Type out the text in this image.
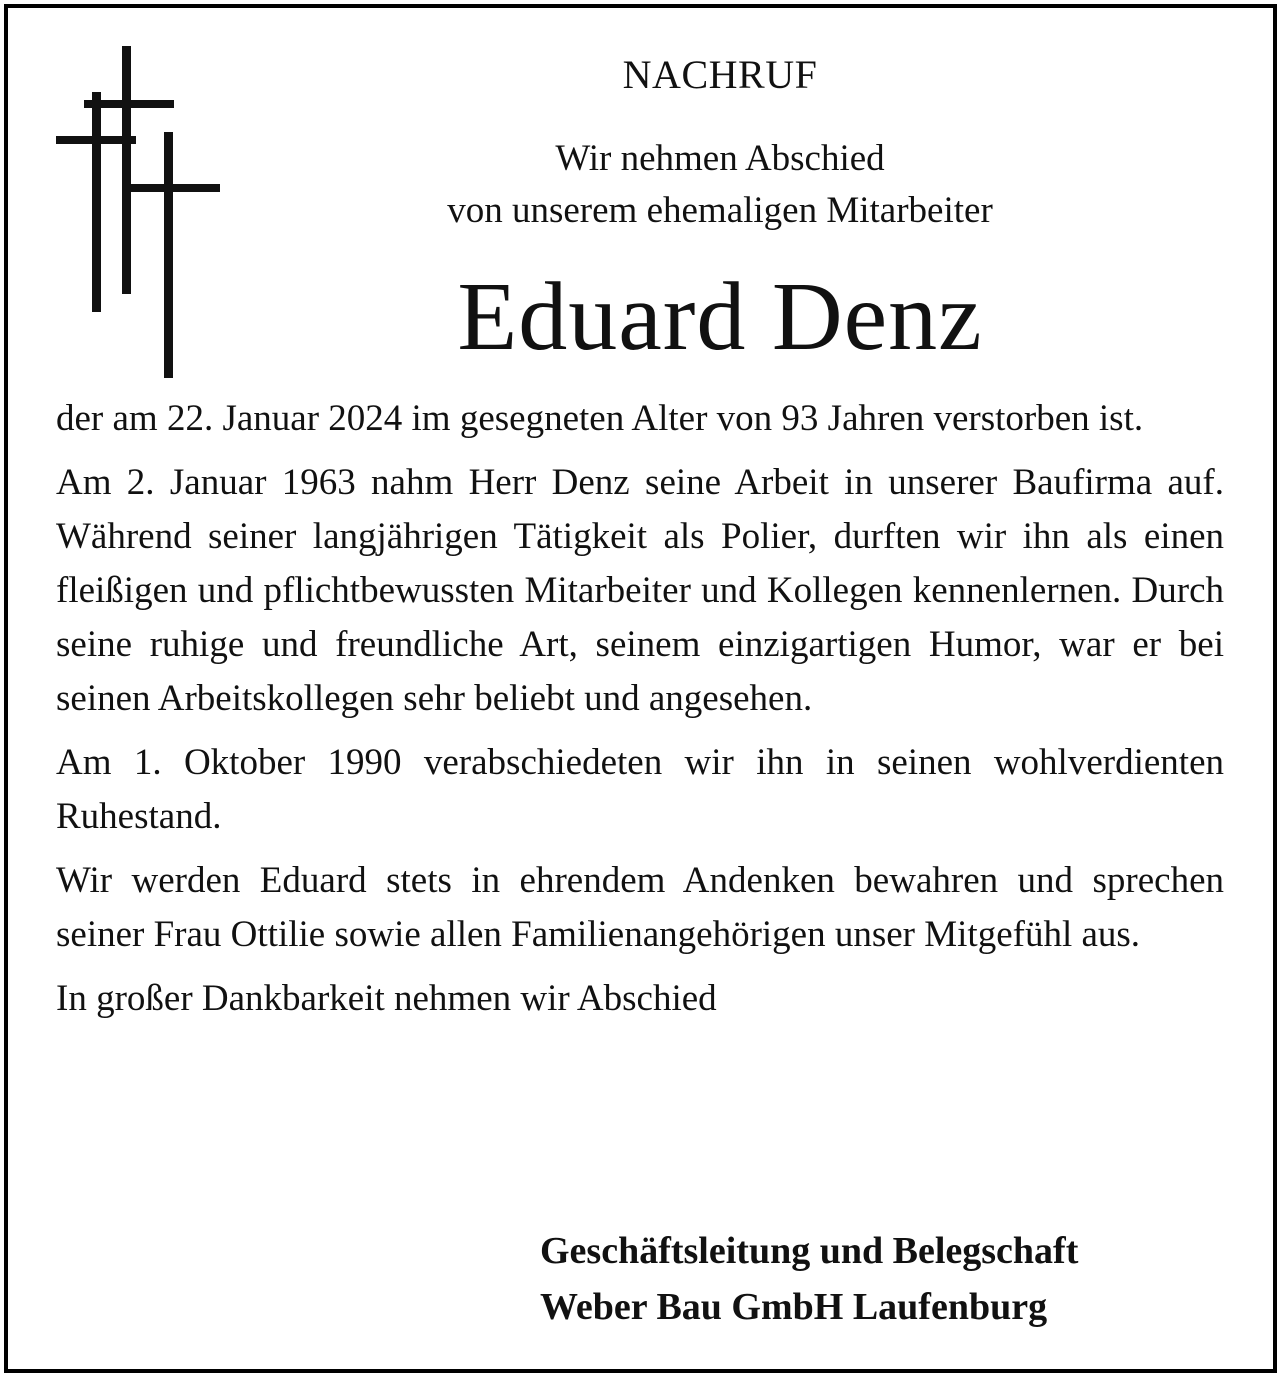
NACHRUF
Wir nehmen Abschied
von unserem ehemaligen Mitarbeiter
Eduard Denz

der am 22. Januar 2024 im gesegneten Alter von 93 Jahren verstorben ist.

Am 2. Januar 1963 nahm Herr Denz seine Arbeit in unserer Baufirma auf. Während seiner langjährigen Tätigkeit als Polier, durften wir ihn als einen fleißigen und pflichtbewussten Mitarbeiter und Kollegen kennenlernen. Durch seine ruhige und freundliche Art, seinem einzigartigen Humor, war er bei seinen Arbeitskollegen sehr beliebt und angesehen.

Am 1. Oktober 1990 verabschiedeten wir ihn in seinen wohlverdienten Ruhestand.

Wir werden Eduard stets in ehrendem Andenken bewahren und sprechen seiner Frau Ottilie sowie allen Familienangehörigen unser Mitgefühl aus.

In großer Dankbarkeit nehmen wir Abschied

Geschäftsleitung und Belegschaft
Weber Bau GmbH Laufenburg
